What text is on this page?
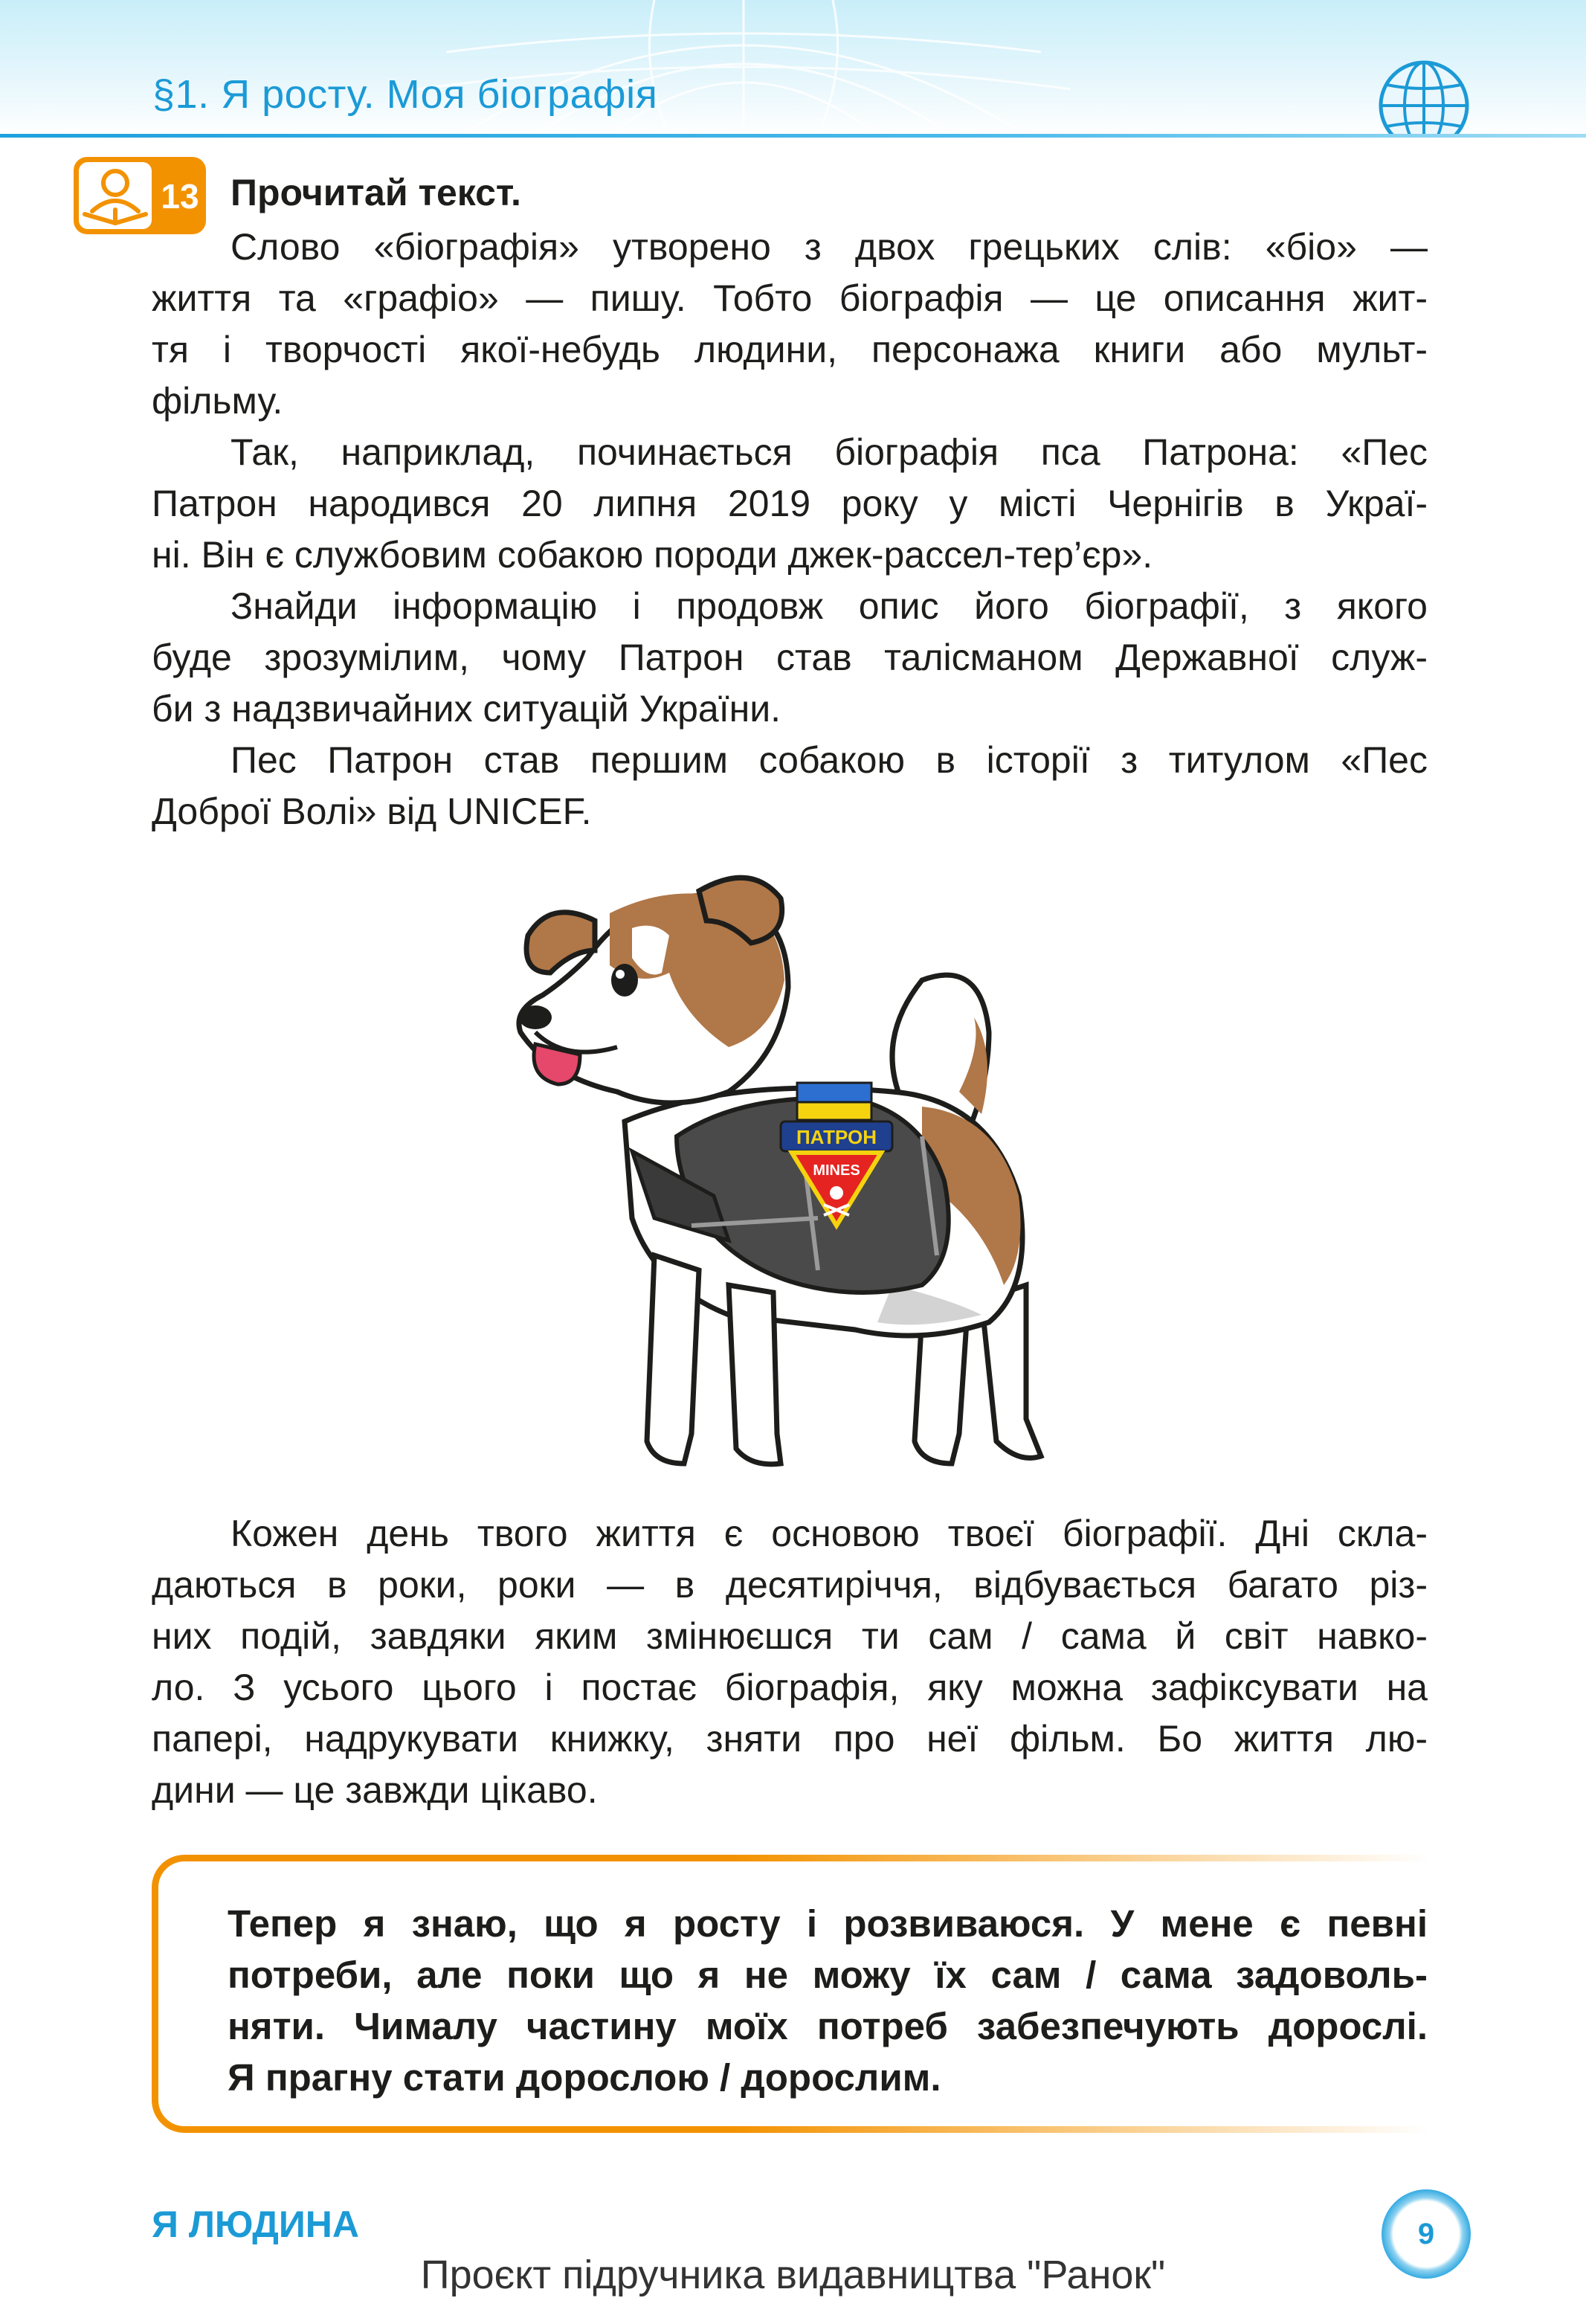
§1. Я росту. Моя біографія
13 Прочитай текст.
Слово «біографія» утворено з двох грецьких слів: «біо» —
життя та «графіо» — пишу. Тобто біографія — це описання жит-
тя і творчості якої-небудь людини, персонажа книги або мульт-
фільму.
Так, наприклад, починається біографія пса Патрона: «Пес
Патрон народився 20 липня 2019 року у місті Чернігів в Украї-
ні. Він є службовим собакою породи джек-рассел-тер’єр».
Знайди інформацію і продовж опис його біографії, з якого
буде зрозумілим, чому Патрон став талісманом Державної служ-
би з надзвичайних ситуацій України.
Пес Патрон став першим собакою в історії з титулом «Пес
Доброї Волі» від UNICEF.
ПАТРОН
MINES
Кожен день твого життя є основою твоєї біографії. Дні скла-
даються в роки, роки — в десятиріччя, відбувається багато різ-
них подій, завдяки яким змінюєшся ти сам / сама й світ навко-
ло. З усього цього і постає біографія, яку можна зафіксувати на
папері, надрукувати книжку, зняти про неї фільм. Бо життя лю-
дини — це завжди цікаво.
Тепер я знаю, що я росту і розвиваюся. У мене є певні
потреби, але поки що я не можу їх сам / сама задоволь-
няти. Чималу частину моїх потреб забезпечують дорослі.
Я прагну стати дорослою / дорослим.
Я ЛЮДИНА	9
Проєкт підручника видавництва "Ранок"
